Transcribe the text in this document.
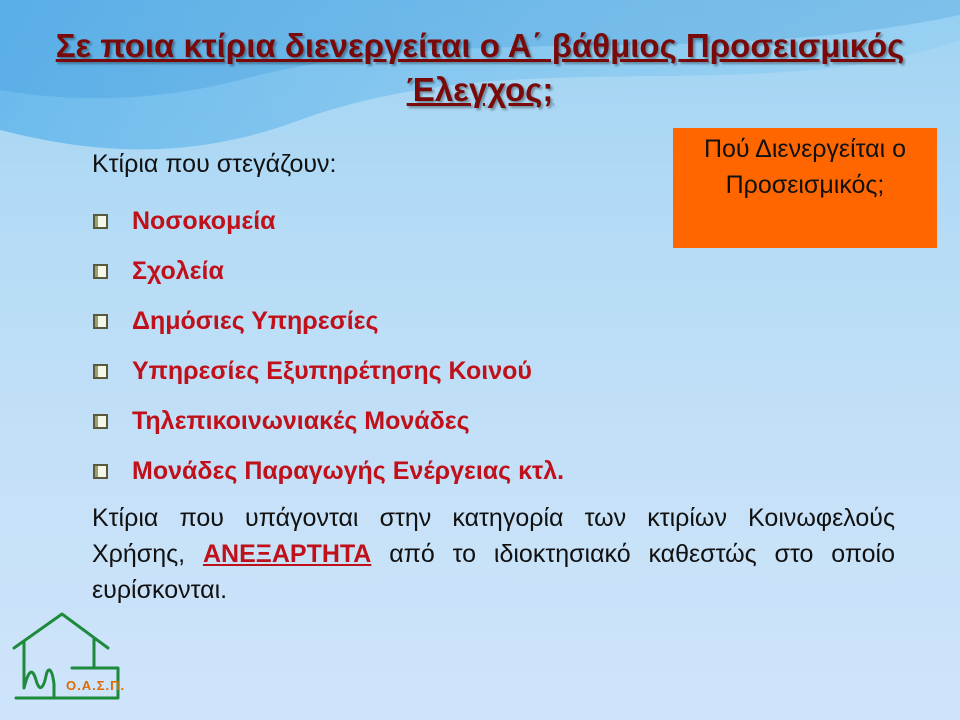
Σε ποια κτίρια διενεργείται ο Α΄ βάθμιος Προσεισμικός Έλεγχος;
Πού Διενεργείται ο Προσεισμικός;
Κτίρια που στεγάζουν:
Νοσοκομεία
Σχολεία
Δημόσιες Υπηρεσίες
Υπηρεσίες Εξυπηρέτησης Κοινού
Τηλεπικοινωνιακές Μονάδες
Μονάδες Παραγωγής Ενέργειας κτλ.
Κτίρια που υπάγονται στην κατηγορία των κτιρίων Κοινωφελούς Χρήσης, ΑΝΕΞΑΡΤΗΤΑ από το ιδιοκτησιακό καθεστώς στο οποίο ευρίσκονται.
Ο.Α.Σ.Π.
